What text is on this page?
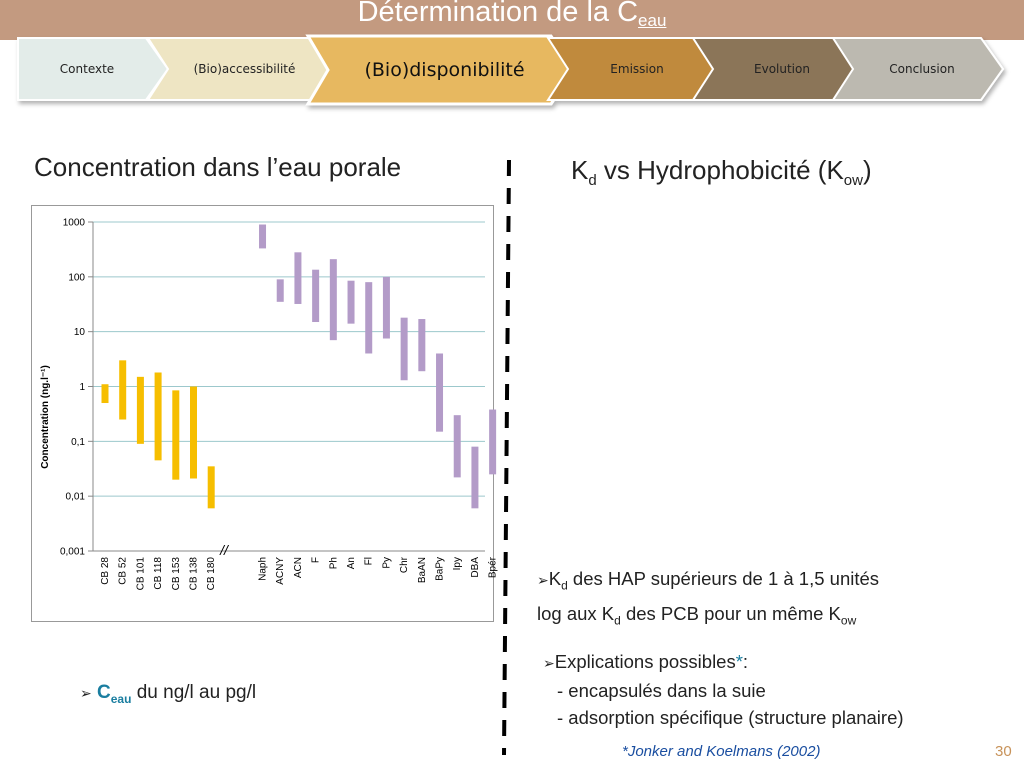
Détermination de la $C_{eau}$
Contexte	(Bio)accessibilité	(Bio)disponibilité	Emission	Evolution	Conclusion
Concentration dans l’eau porale	$K_d$ vs Hydrophobicité $(K_{ow})$
0,001
0,01
0,1
1
10
100
1000
CB 28 CB 52 CB 101 CB 118 CB 153 CB 138 CB 180	Naph ACNY ACN F Ph An Fl Py Chr BaAN BaPy Ipy DBA Bpér
Concentration (ng.l⁻¹)
//
$➢K_d$ des HAP supérieurs de 1 à 1,5 unités
log aux $K_d$ des PCB pour un même $K_{ow}$
➢Explications possibles*:
- encapsulés dans la suie
- adsorption spécifique (structure planaire)
➢ $C_{eau}$ du ng/l au pg/l
*Jonker and Koelmans (2002)	30
